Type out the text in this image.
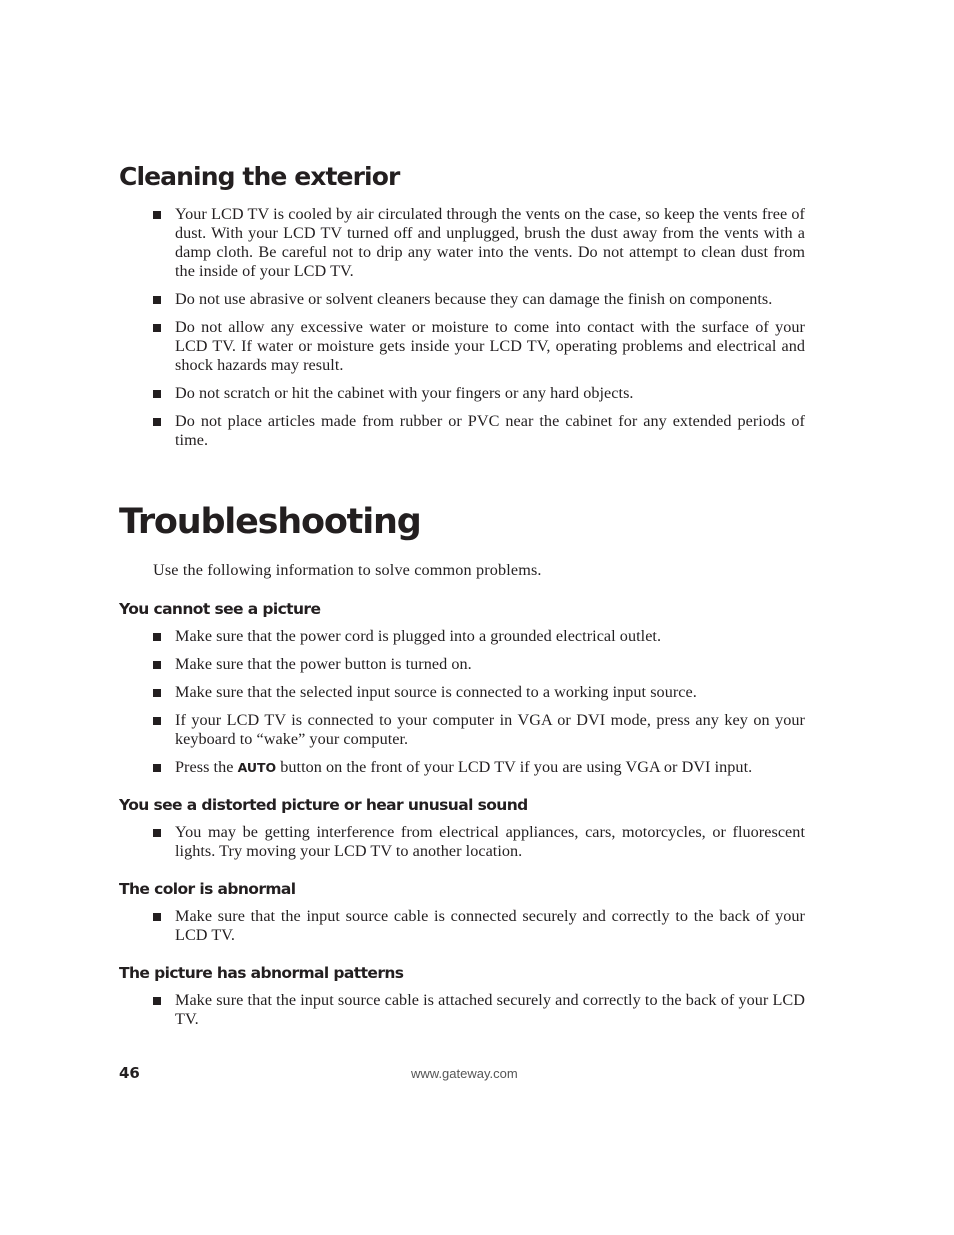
Cleaning the exterior
Your LCD TV is cooled by air circulated through the vents on the case, so keep the vents free of dust. With your LCD TV turned off and unplugged, brush the dust away from the vents with a damp cloth. Be careful not to drip any water into the vents. Do not attempt to clean dust from the inside of your LCD TV.
Do not use abrasive or solvent cleaners because they can damage the finish on components.
Do not allow any excessive water or moisture to come into contact with the surface of your LCD TV. If water or moisture gets inside your LCD TV, operating problems and electrical and shock hazards may result.
Do not scratch or hit the cabinet with your fingers or any hard objects.
Do not place articles made from rubber or PVC near the cabinet for any extended periods of time.
Troubleshooting

Use the following information to solve common problems.

You cannot see a picture
Make sure that the power cord is plugged into a grounded electrical outlet.
Make sure that the power button is turned on.
Make sure that the selected input source is connected to a working input source.
If your LCD TV is connected to your computer in VGA or DVI mode, press any key on your keyboard to “wake” your computer.
Press the AUTO button on the front of your LCD TV if you are using VGA or DVI input.
You see a distorted picture or hear unusual sound
You may be getting interference from electrical appliances, cars, motorcycles, or fluorescent lights. Try moving your LCD TV to another location.
The color is abnormal
Make sure that the input source cable is connected securely and correctly to the back of your LCD TV.
The picture has abnormal patterns
Make sure that the input source cable is attached securely and correctly to the back of your LCD TV.

46	www.gateway.com
